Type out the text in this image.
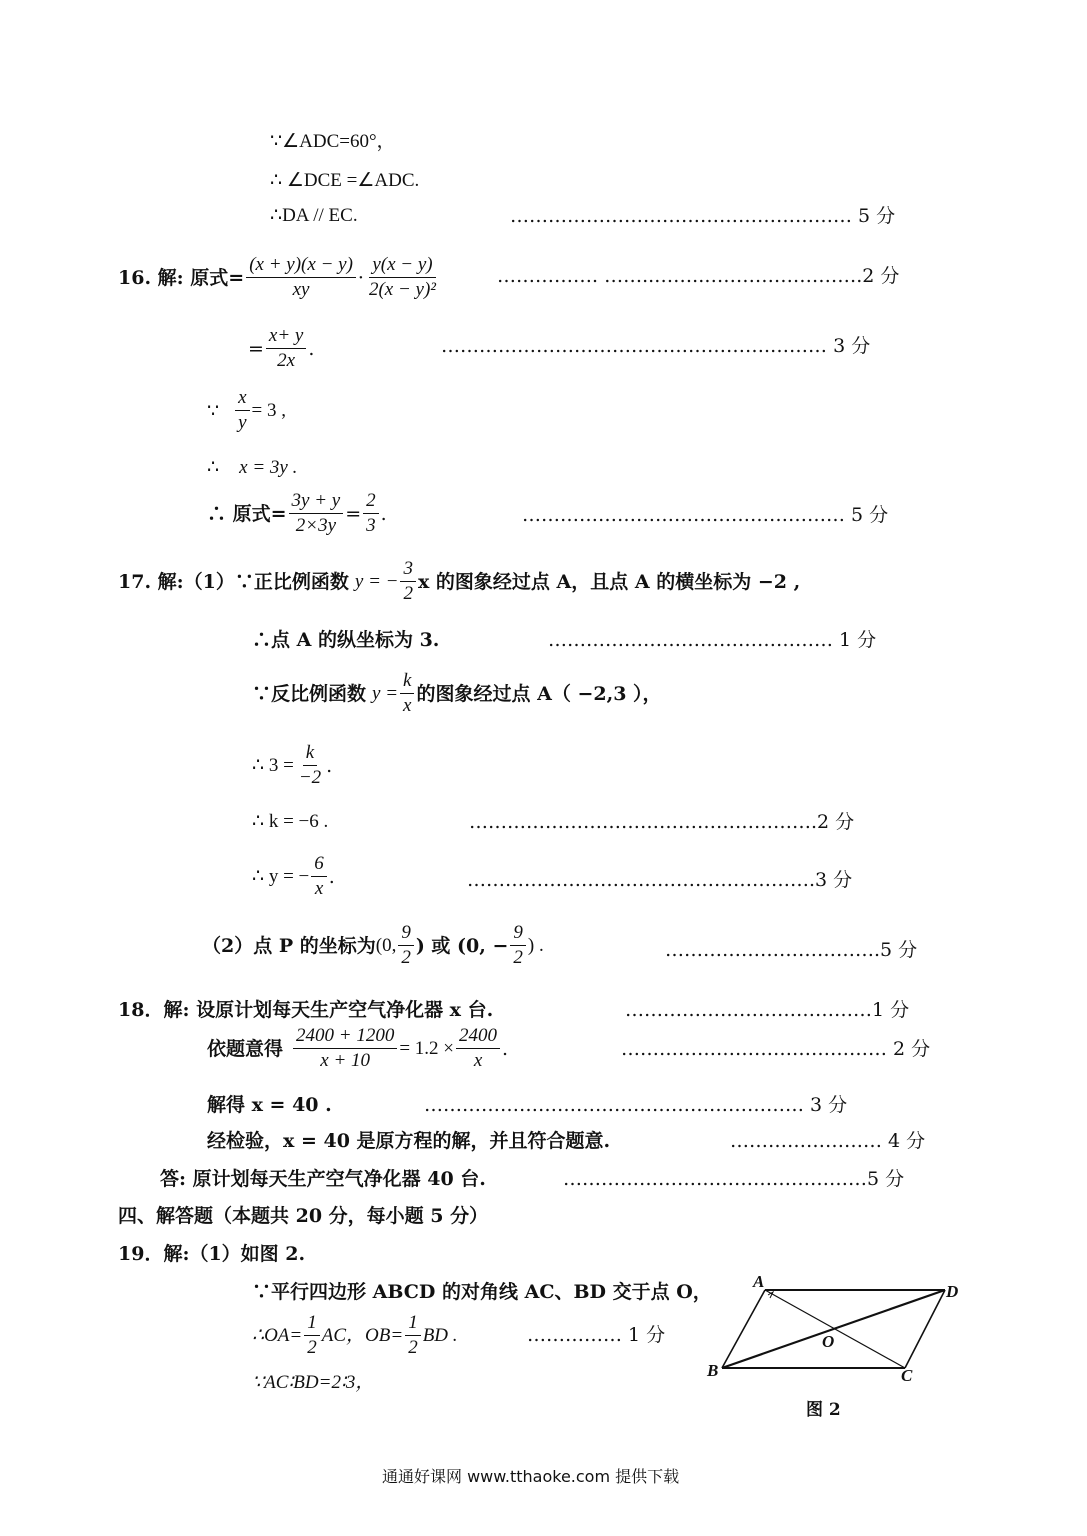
∵∠ADC=60°，
∴ ∠DCE =∠ADC.
∴DA // EC.	……………………………………………… 5 分
16. 解: 原式= $\frac{(x + y)(x - y)}{xy} \cdot \frac{y(x - y)}{\text{2(x − y)²}}$	……………. ……..……..…………………….2 分
= $\frac{x+ y}{2x}$ .	…………………………………………….……… 3 分
∵ $\frac{x}{y} = 3$ ,
∴ x = 3y .
∴ 原式= $\frac{3y + y}{2\times 3y} = \frac{2}{3}$ .	…………………………………………… 5 分
17. 解:（1）∵正比例函数 y = − $\frac{3}{2}$ x 的图象经过点 A，且点 A 的横坐标为 −2 ,
∴点 A 的纵坐标为 3.	……………………………………… 1 分
∵反比例函数 $y = \frac{k}{x}$ 的图象经过点 A（ −2,3 ），
∴ $3 = \frac{k}{-2}$ .
∴ k = −6 .	……………………………………………….2 分
∴ y = − $\frac{6}{x}$ .	……………………………………………….3 分
（2）点 P 的坐标为 (0, $\frac{9}{2}$ ) 或 (0, − $\frac{9}{2}$ ) .	…………………………….5 分
18．解: 设原计划每天生产空气净化器 x 台.	…………………………………1 分
依题意得 $\frac{2400 + 1200}{x + 10} = 1.2 \times \frac{2400}{x}$ .	…………………………………… 2 分
解得 x = 40 .	…………………………………………………… 3 分
经检验，x = 40 是原方程的解，并且符合题意.	…………………… 4 分
答: 原计划每天生产空气净化器 40 台.	…………………………………………5 分
四、解答题（本题共 20 分，每小题 5 分）
19．解:（1）如图 2.
∵平行四边形 ABCD 的对角线 AC、BD 交于点 O，
∴OA= $\frac{1}{2}$ AC，$OB= \frac{1}{2}$ BD .	…………… 1 分
∵AC∶BD=2∶3，
A
D
B	C
O
图 2
通通好课网 www.tthaoke.com 提供下载
